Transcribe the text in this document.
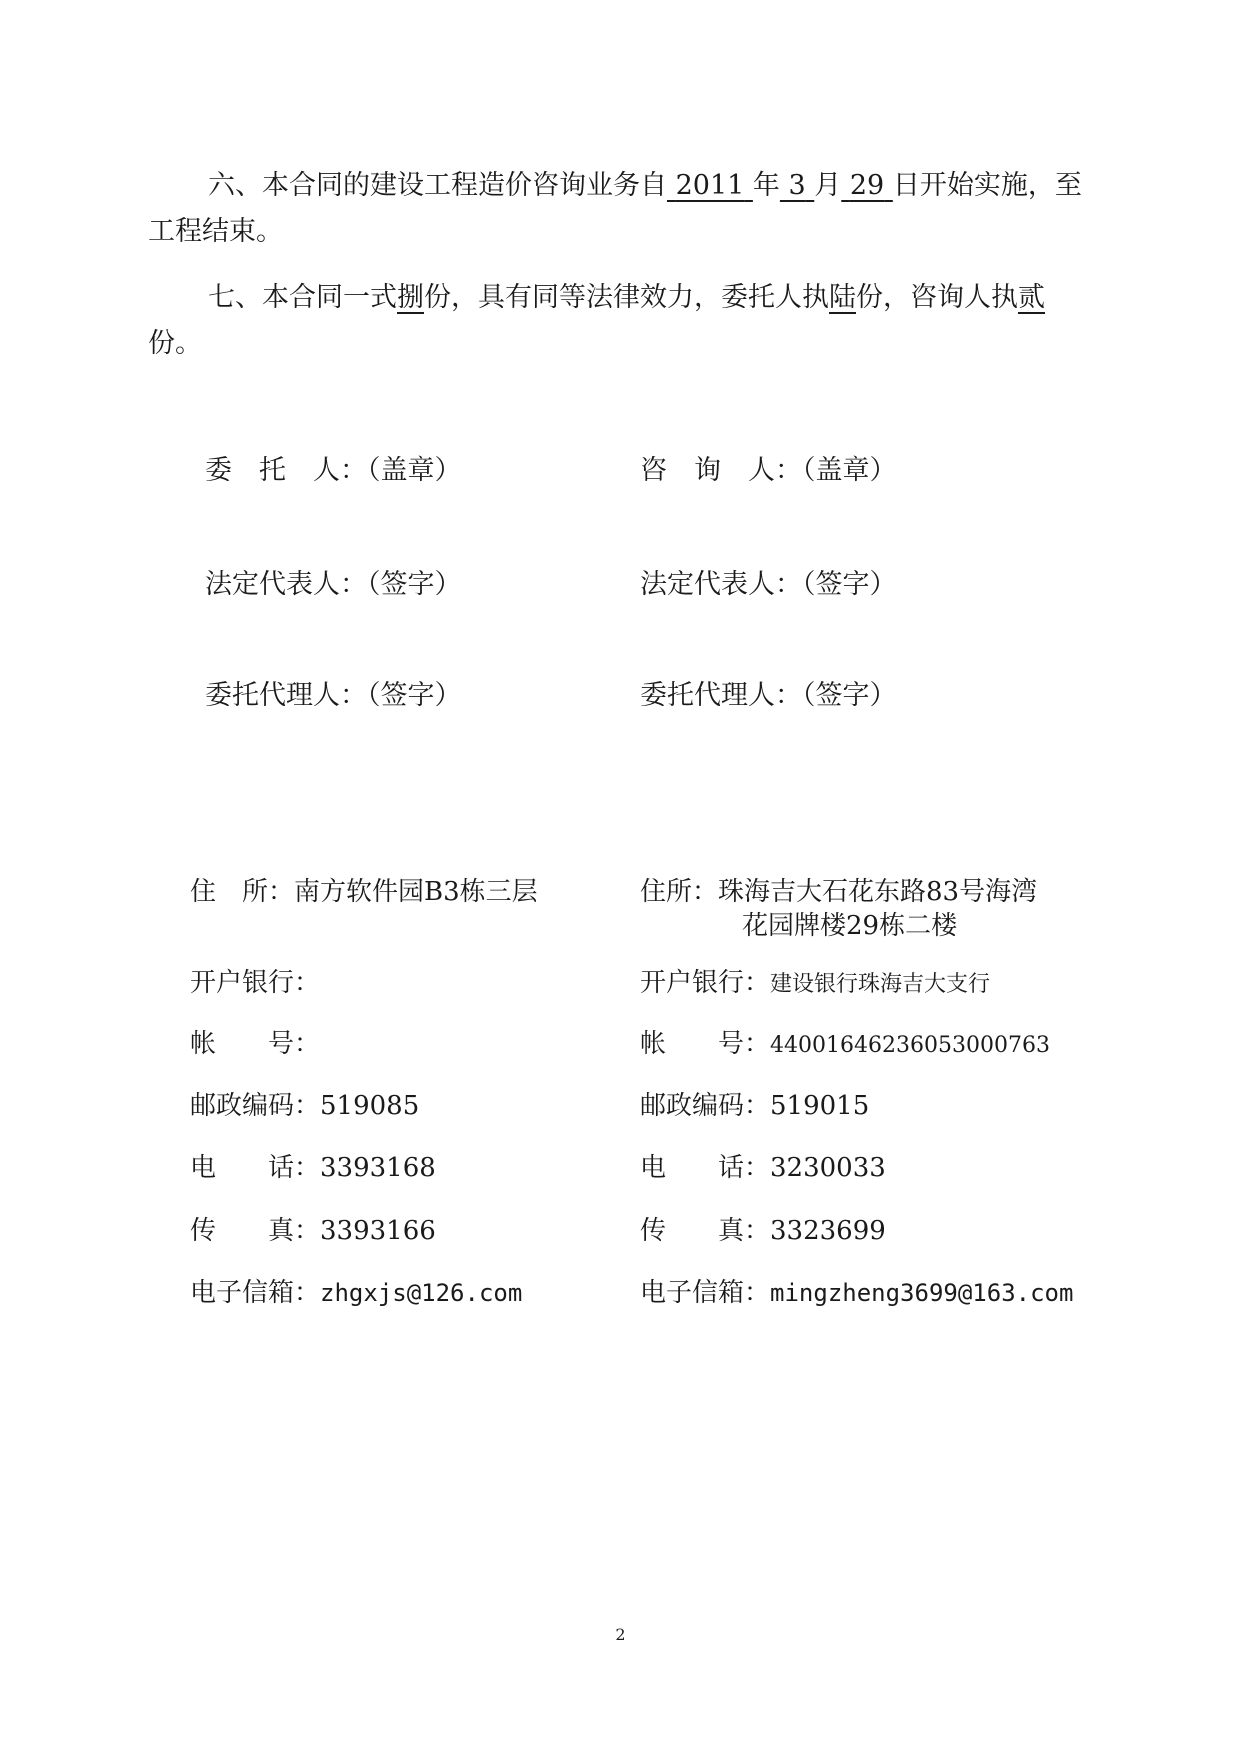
六、本合同的建设工程造价咨询业务自 2011 年 3 月 29 日开始实施，至工程结束。
七、本合同一式捌份，具有同等法律效力，委托人执陆份，咨询人执贰份。
委　托　人：（盖章）
法定代表人：（签字）
委托代理人：（签字）
咨　询　人：（盖章）
法定代表人：（签字）
委托代理人：（签字）
住　所：南方软件园B3栋三层
开户银行：
帐　　号：
邮政编码：519085
电　　话：3393168
传　　真：3393166
电子信箱：zhgxjs@126.com
住所：珠海吉大石花东路83号海湾
花园牌楼29栋二楼
开户银行：建设银行珠海吉大支行
帐　　号：44001646236053000763
邮政编码：519015
电　　话：3230033
传　　真：3323699
电子信箱：mingzheng3699@163.com
2
